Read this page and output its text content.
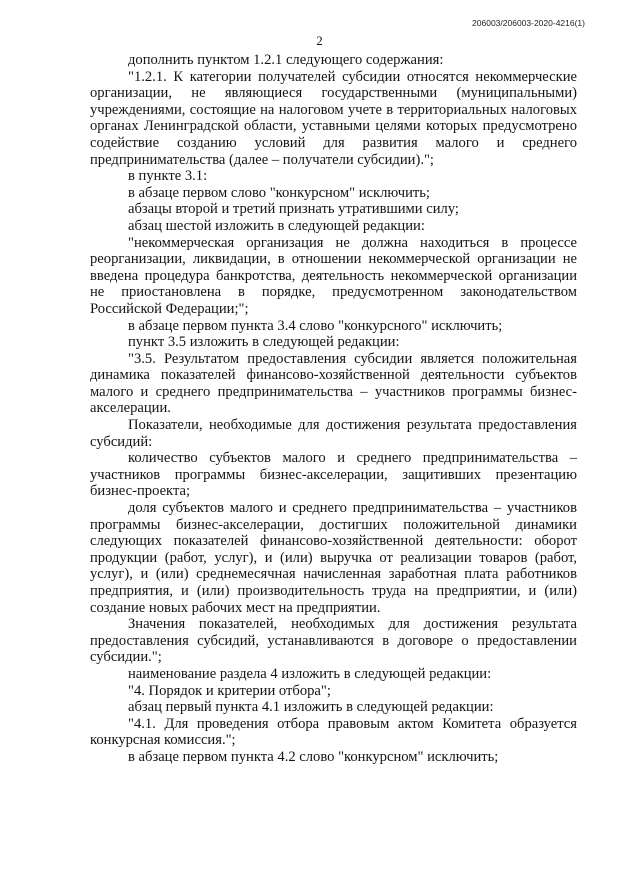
206003/206003-2020-4216(1)
2

дополнить пунктом 1.2.1 следующего содержания:

"1.2.1. К категории получателей субсидии относятся некоммерческие организации, не являющиеся государственными (муниципальными) учреждениями, состоящие на налоговом учете в территориальных налоговых органах Ленинградской области, уставными целями которых предусмотрено содействие созданию условий для развития малого и среднего предпринимательства (далее – получатели субсидии).";

в пункте 3.1:

в абзаце первом слово "конкурсном" исключить;

абзацы второй и третий признать утратившими силу;

абзац шестой изложить в следующей редакции:

"некоммерческая организация не должна находиться в процессе реорганизации, ликвидации, в отношении некоммерческой организации не введена процедура банкротства, деятельность некоммерческой организации не приостановлена в порядке, предусмотренном законодательством Российской Федерации;";

в абзаце первом пункта 3.4 слово "конкурсного" исключить;

пункт 3.5 изложить в следующей редакции:

"3.5. Результатом предоставления субсидии является положительная динамика показателей финансово-хозяйственной деятельности субъектов малого и среднего предпринимательства – участников программы бизнес-акселерации.

Показатели, необходимые для достижения результата предоставления субсидий:

количество субъектов малого и среднего предпринимательства – участников программы бизнес-акселерации, защитивших презентацию бизнес-проекта;

доля субъектов малого и среднего предпринимательства – участников программы бизнес-акселерации, достигших положительной динамики следующих показателей финансово-хозяйственной деятельности: оборот продукции (работ, услуг), и (или) выручка от реализации товаров (работ, услуг), и (или) среднемесячная начисленная заработная плата работников предприятия, и (или) производительность труда на предприятии, и (или) создание новых рабочих мест на предприятии.

Значения показателей, необходимых для достижения результата предоставления субсидий, устанавливаются в договоре о предоставлении субсидии.";

наименование раздела 4 изложить в следующей редакции:

"4. Порядок и критерии отбора";

абзац первый пункта 4.1 изложить в следующей редакции:

"4.1. Для проведения отбора правовым актом Комитета образуется конкурсная комиссия.";

в абзаце первом пункта 4.2 слово "конкурсном" исключить;
